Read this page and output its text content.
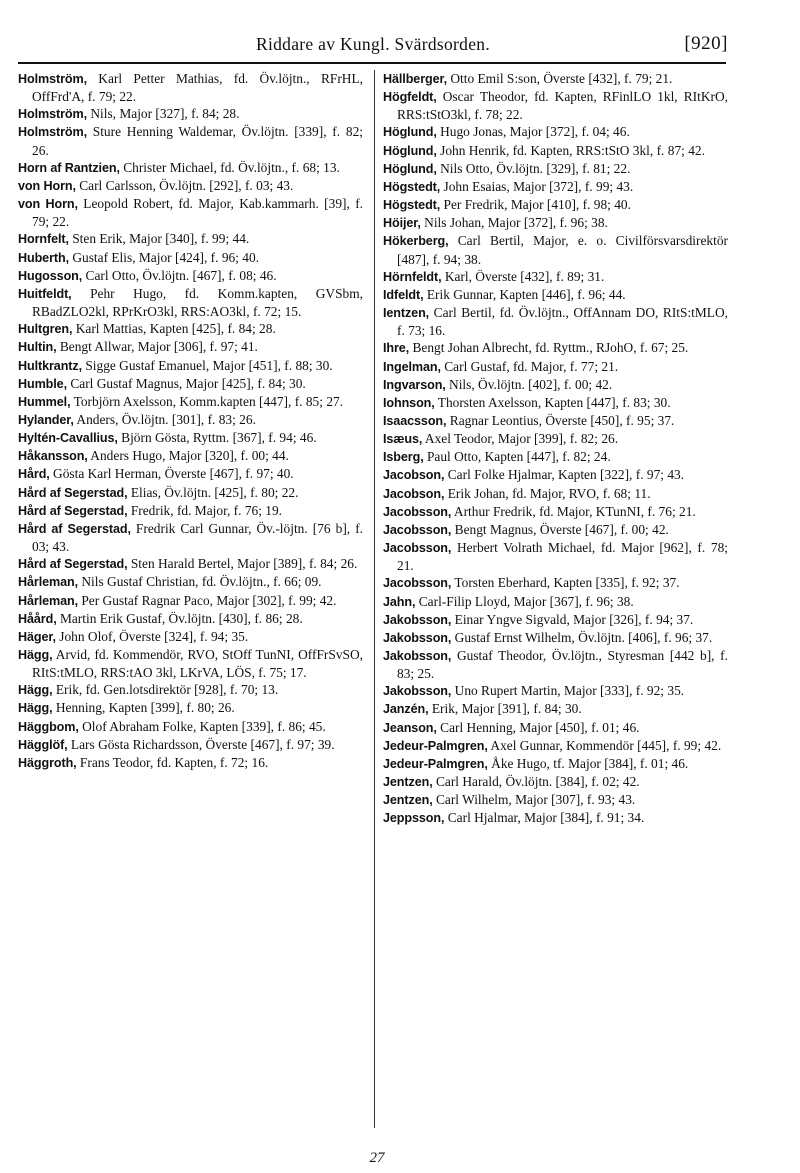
Riddare av Kungl. Svärdsorden.	[920]
Holmström, Karl Petter Mathias, fd. Öv.löjtn., RFrHL, OffFrd'A, f. 79; 22.
Holmström, Nils, Major [327], f. 84; 28.
Holmström, Sture Henning Waldemar, Öv.löjtn. [339], f. 82; 26.
Horn af Rantzien, Christer Michael, fd. Öv.löjtn., f. 68; 13.
von Horn, Carl Carlsson, Öv.löjtn. [292], f. 03; 43.
von Horn, Leopold Robert, fd. Major, Kab.kammarh. [39], f. 79; 22.
Hornfelt, Sten Erik, Major [340], f. 99; 44.
Huberth, Gustaf Elis, Major [424], f. 96; 40.
Hugosson, Carl Otto, Öv.löjtn. [467], f. 08; 46.
Huitfeldt, Pehr Hugo, fd. Komm.kapten, GVSbm, RBadZLO2kl, RPrKrO3kl, RRS:AO3kl, f. 72; 15.
Hultgren, Karl Mattias, Kapten [425], f. 84; 28.
Hultin, Bengt Allwar, Major [306], f. 97; 41.
Hultkrantz, Sigge Gustaf Emanuel, Major [451], f. 88; 30.
Humble, Carl Gustaf Magnus, Major [425], f. 84; 30.
Hummel, Torbjörn Axelsson, Komm.kapten [447], f. 85; 27.
Hylander, Anders, Öv.löjtn. [301], f. 83; 26.
Hyltén-Cavallius, Björn Gösta, Ryttm. [367], f. 94; 46.
Håkansson, Anders Hugo, Major [320], f. 00; 44.
Hård, Gösta Karl Herman, Överste [467], f. 97; 40.
Hård af Segerstad, Elias, Öv.löjtn. [425], f. 80; 22.
Hård af Segerstad, Fredrik, fd. Major, f. 76; 19.
Hård af Segerstad, Fredrik Carl Gunnar, Öv.-löjtn. [76 b], f. 03; 43.
Hård af Segerstad, Sten Harald Bertel, Major [389], f. 84; 26.
Hårleman, Nils Gustaf Christian, fd. Öv.löjtn., f. 66; 09.
Hårleman, Per Gustaf Ragnar Paco, Major [302], f. 99; 42.
Håård, Martin Erik Gustaf, Öv.löjtn. [430], f. 86; 28.
Häger, John Olof, Överste [324], f. 94; 35.
Hägg, Arvid, fd. Kommendör, RVO, StOff TunNI, OffFrSvSO, RItS:tMLO, RRS:tAO 3kl, LKrVA, LÖS, f. 75; 17.
Hägg, Erik, fd. Gen.lotsdirektör [928], f. 70; 13.
Hägg, Henning, Kapten [399], f. 80; 26.
Häggbom, Olof Abraham Folke, Kapten [339], f. 86; 45.
Hägglöf, Lars Gösta Richardsson, Överste [467], f. 97; 39.
Häggroth, Frans Teodor, fd. Kapten, f. 72; 16.
Hällberger, Otto Emil S:son, Överste [432], f. 79; 21.
Högfeldt, Oscar Theodor, fd. Kapten, RFinlLO 1kl, RItKrO, RRS:tStO3kl, f. 78; 22.
Höglund, Hugo Jonas, Major [372], f. 04; 46.
Höglund, John Henrik, fd. Kapten, RRS:tStO 3kl, f. 87; 42.
Höglund, Nils Otto, Öv.löjtn. [329], f. 81; 22.
Högstedt, John Esaias, Major [372], f. 99; 43.
Högstedt, Per Fredrik, Major [410], f. 98; 40.
Höijer, Nils Johan, Major [372], f. 96; 38.
Hökerberg, Carl Bertil, Major, e. o. Civilförsvarsdirektör [487], f. 94; 38.
Hörnfeldt, Karl, Överste [432], f. 89; 31.
Idfeldt, Erik Gunnar, Kapten [446], f. 96; 44.
Ientzen, Carl Bertil, fd. Öv.löjtn., OffAnnam DO, RItS:tMLO, f. 73; 16.
Ihre, Bengt Johan Albrecht, fd. Ryttm., RJohO, f. 67; 25.
Ingelman, Carl Gustaf, fd. Major, f. 77; 21.
Ingvarson, Nils, Öv.löjtn. [402], f. 00; 42.
Iohnson, Thorsten Axelsson, Kapten [447], f. 83; 30.
Isaacsson, Ragnar Leontius, Överste [450], f. 95; 37.
Isæus, Axel Teodor, Major [399], f. 82; 26.
Isberg, Paul Otto, Kapten [447], f. 82; 24.
Jacobson, Carl Folke Hjalmar, Kapten [322], f. 97; 43.
Jacobson, Erik Johan, fd. Major, RVO, f. 68; 11.
Jacobsson, Arthur Fredrik, fd. Major, KTunNI, f. 76; 21.
Jacobsson, Bengt Magnus, Överste [467], f. 00; 42.
Jacobsson, Herbert Volrath Michael, fd. Major [962], f. 78; 21.
Jacobsson, Torsten Eberhard, Kapten [335], f. 92; 37.
Jahn, Carl-Filip Lloyd, Major [367], f. 96; 38.
Jakobsson, Einar Yngve Sigvald, Major [326], f. 94; 37.
Jakobsson, Gustaf Ernst Wilhelm, Öv.löjtn. [406], f. 96; 37.
Jakobsson, Gustaf Theodor, Öv.löjtn., Styresman [442 b], f. 83; 25.
Jakobsson, Uno Rupert Martin, Major [333], f. 92; 35.
Janzén, Erik, Major [391], f. 84; 30.
Jeanson, Carl Henning, Major [450], f. 01; 46.
Jedeur-Palmgren, Axel Gunnar, Kommendör [445], f. 99; 42.
Jedeur-Palmgren, Åke Hugo, tf. Major [384], f. 01; 46.
Jentzen, Carl Harald, Öv.löjtn. [384], f. 02; 42.
Jentzen, Carl Wilhelm, Major [307], f. 93; 43.
Jeppsson, Carl Hjalmar, Major [384], f. 91; 34.
27
